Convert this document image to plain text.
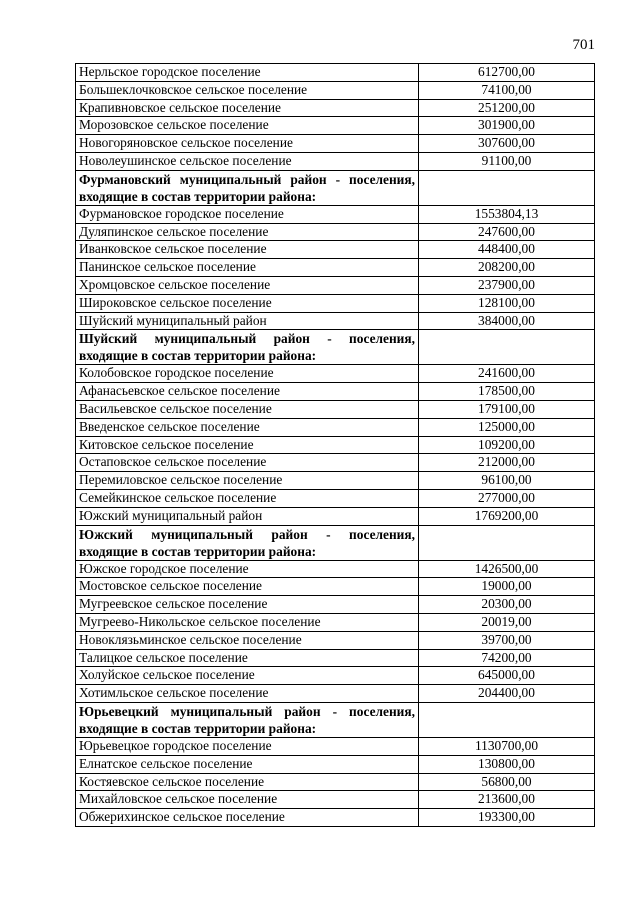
701
Нерльское городское поселение	612700,00
Большеклочковское сельское поселение	74100,00
Крапивновское сельское поселение	251200,00
Морозовское сельское поселение	301900,00
Новогоряновское сельское поселение	307600,00
Новолеушинское сельское поселение	91100,00
Фурмановский муниципальный район - поселения, входящие в состав территории района:	
Фурмановское городское поселение	1553804,13
Дуляпинское сельское поселение	247600,00
Иванковское сельское поселение	448400,00
Панинское сельское поселение	208200,00
Хромцовское сельское поселение	237900,00
Широковское сельское поселение	128100,00
Шуйский муниципальный район	384000,00
Шуйский муниципальный район - поселения, входящие в состав территории района:	
Колобовское городское поселение	241600,00
Афанасьевское сельское поселение	178500,00
Васильевское сельское поселение	179100,00
Введенское сельское поселение	125000,00
Китовское сельское поселение	109200,00
Остаповское сельское поселение	212000,00
Перемиловское сельское поселение	96100,00
Семейкинское сельское поселение	277000,00
Южский муниципальный район	1769200,00
Южский муниципальный район - поселения, входящие в состав территории района:	
Южское городское поселение	1426500,00
Мостовское сельское поселение	19000,00
Мугреевское сельское поселение	20300,00
Мугреево-Никольское сельское поселение	20019,00
Новоклязьминское сельское поселение	39700,00
Талицкое сельское поселение	74200,00
Холуйское сельское поселение	645000,00
Хотимльское сельское поселение	204400,00
Юрьевецкий муниципальный район - поселения, входящие в состав территории района:	
Юрьевецкое городское поселение	1130700,00
Елнатское сельское поселение	130800,00
Костяевское сельское поселение	56800,00
Михайловское сельское поселение	213600,00
Обжерихинское сельское поселение	193300,00
